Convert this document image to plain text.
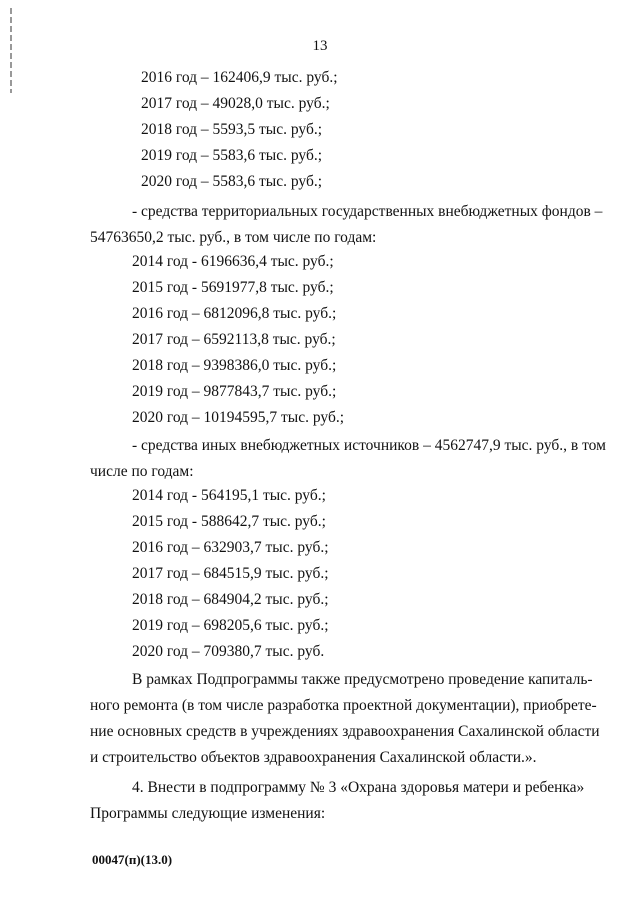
13
2016 год – 162406,9 тыс. руб.;
2017 год – 49028,0 тыс. руб.;
2018 год – 5593,5 тыс. руб.;
2019 год – 5583,6 тыс. руб.;
2020 год – 5583,6 тыс. руб.;
- средства территориальных государственных внебюджетных фондов –
54763650,2 тыс. руб., в том числе по годам:
2014 год - 6196636,4 тыс. руб.;
2015 год - 5691977,8 тыс. руб.;
2016 год – 6812096,8 тыс. руб.;
2017 год – 6592113,8 тыс. руб.;
2018 год – 9398386,0 тыс. руб.;
2019 год – 9877843,7 тыс. руб.;
2020 год – 10194595,7 тыс. руб.;
- средства иных внебюджетных источников – 4562747,9 тыс. руб., в том
числе по годам:
2014 год - 564195,1 тыс. руб.;
2015 год - 588642,7 тыс. руб.;
2016 год – 632903,7 тыс. руб.;
2017 год – 684515,9 тыс. руб.;
2018 год – 684904,2 тыс. руб.;
2019 год – 698205,6 тыс. руб.;
2020 год – 709380,7 тыс. руб.
В рамках Подпрограммы также предусмотрено проведение капиталь-
ного ремонта (в том числе разработка проектной документации), приобрете-
ние основных средств в учреждениях здравоохранения Сахалинской области
и строительство объектов здравоохранения Сахалинской области.».
4. Внести в подпрограмму № 3 «Охрана здоровья матери и ребенка»
Программы следующие изменения:
00047(п)(13.0)
